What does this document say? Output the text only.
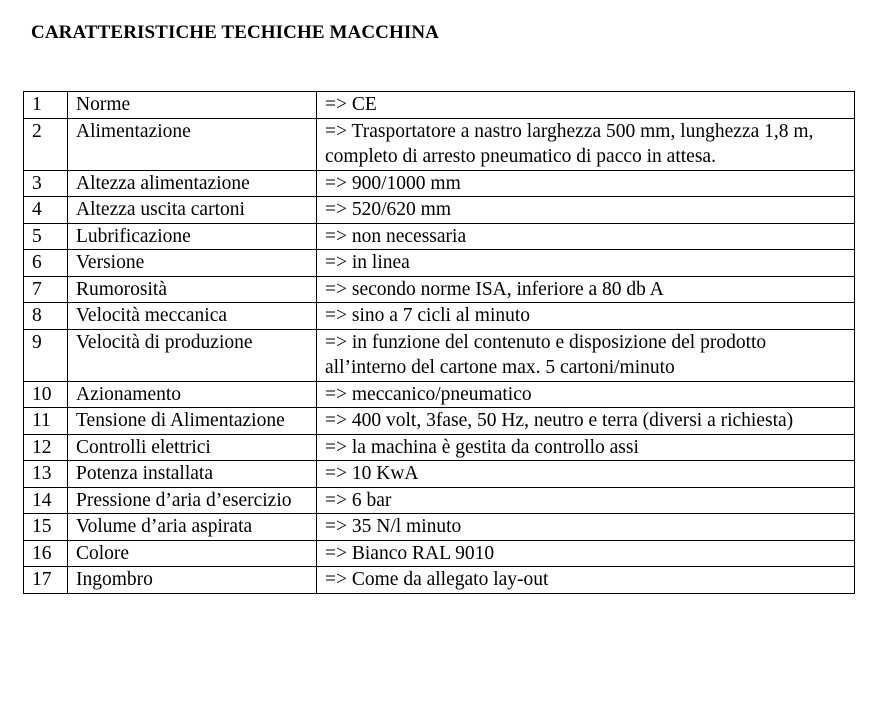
CARATTERISTICHE TECHICHE MACCHINA
1	Norme	=> CE
2	Alimentazione	=> Trasportatore a nastro larghezza 500 mm, lunghezza 1,8 m, completo di arresto pneumatico di pacco in attesa.
3	Altezza alimentazione	=> 900/1000 mm
4	Altezza uscita cartoni	=> 520/620 mm
5	Lubrificazione	=> non necessaria
6	Versione	=> in linea
7	Rumorosità	=> secondo norme ISA, inferiore a 80 db A
8	Velocità meccanica	=> sino a 7 cicli al minuto
9	Velocità di produzione	=> in funzione del contenuto e disposizione del prodotto all’interno del cartone max. 5 cartoni/minuto
10	Azionamento	=> meccanico/pneumatico
11	Tensione di Alimentazione	=> 400 volt, 3fase, 50 Hz, neutro e terra (diversi a richiesta)
12	Controlli elettrici	=> la machina è gestita da controllo assi
13	Potenza installata	=> 10 KwA
14	Pressione d’aria d’esercizio	=> 6 bar
15	Volume d’aria aspirata	=> 35 N/l minuto
16	Colore	=> Bianco RAL 9010
17	Ingombro	=> Come da allegato lay-out
